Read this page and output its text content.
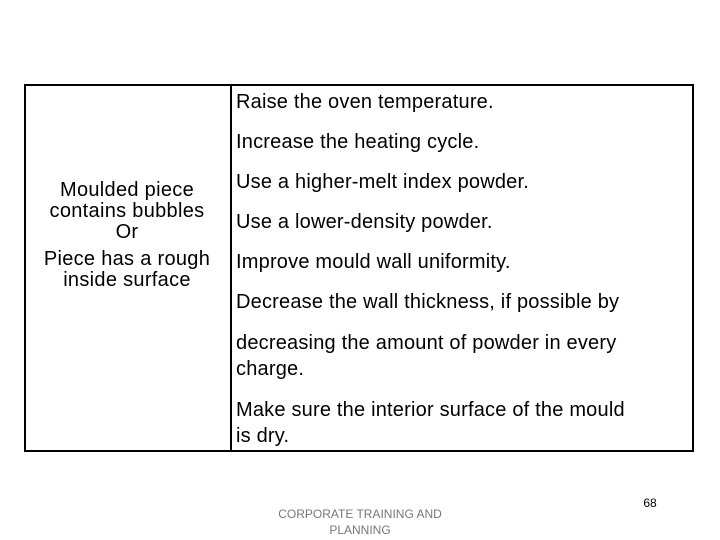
Moulded piece
contains bubbles
Or
Piece has a rough
inside surface
Raise the oven temperature.
Increase the heating cycle.
Use a higher-melt index powder.
Use a lower-density powder.
Improve mould wall uniformity.
Decrease the wall thickness, if possible by
decreasing the amount of powder in every
charge.
Make sure the interior surface of the mould
is dry.
CORPORATE TRAINING AND
PLANNING
68
